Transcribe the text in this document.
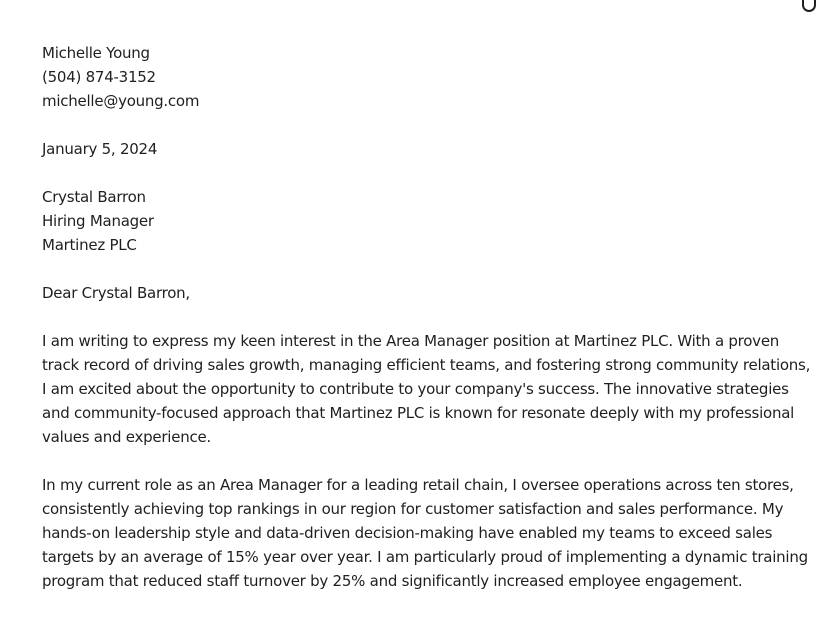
Michelle Young
(504) 874-3152
michelle@young.com
January 5, 2024
Crystal Barron
Hiring Manager
Martinez PLC
Dear Crystal Barron,
I am writing to express my keen interest in the Area Manager position at Martinez PLC. With a proven track record of driving sales growth, managing efficient teams, and fostering strong community relations, I am excited about the opportunity to contribute to your company's success. The innovative strategies and community-focused approach that Martinez PLC is known for resonate deeply with my professional values and experience.
In my current role as an Area Manager for a leading retail chain, I oversee operations across ten stores, consistently achieving top rankings in our region for customer satisfaction and sales performance. My hands-on leadership style and data-driven decision-making have enabled my teams to exceed sales targets by an average of 15% year over year. I am particularly proud of implementing a dynamic training program that reduced staff turnover by 25% and significantly increased employee engagement.
